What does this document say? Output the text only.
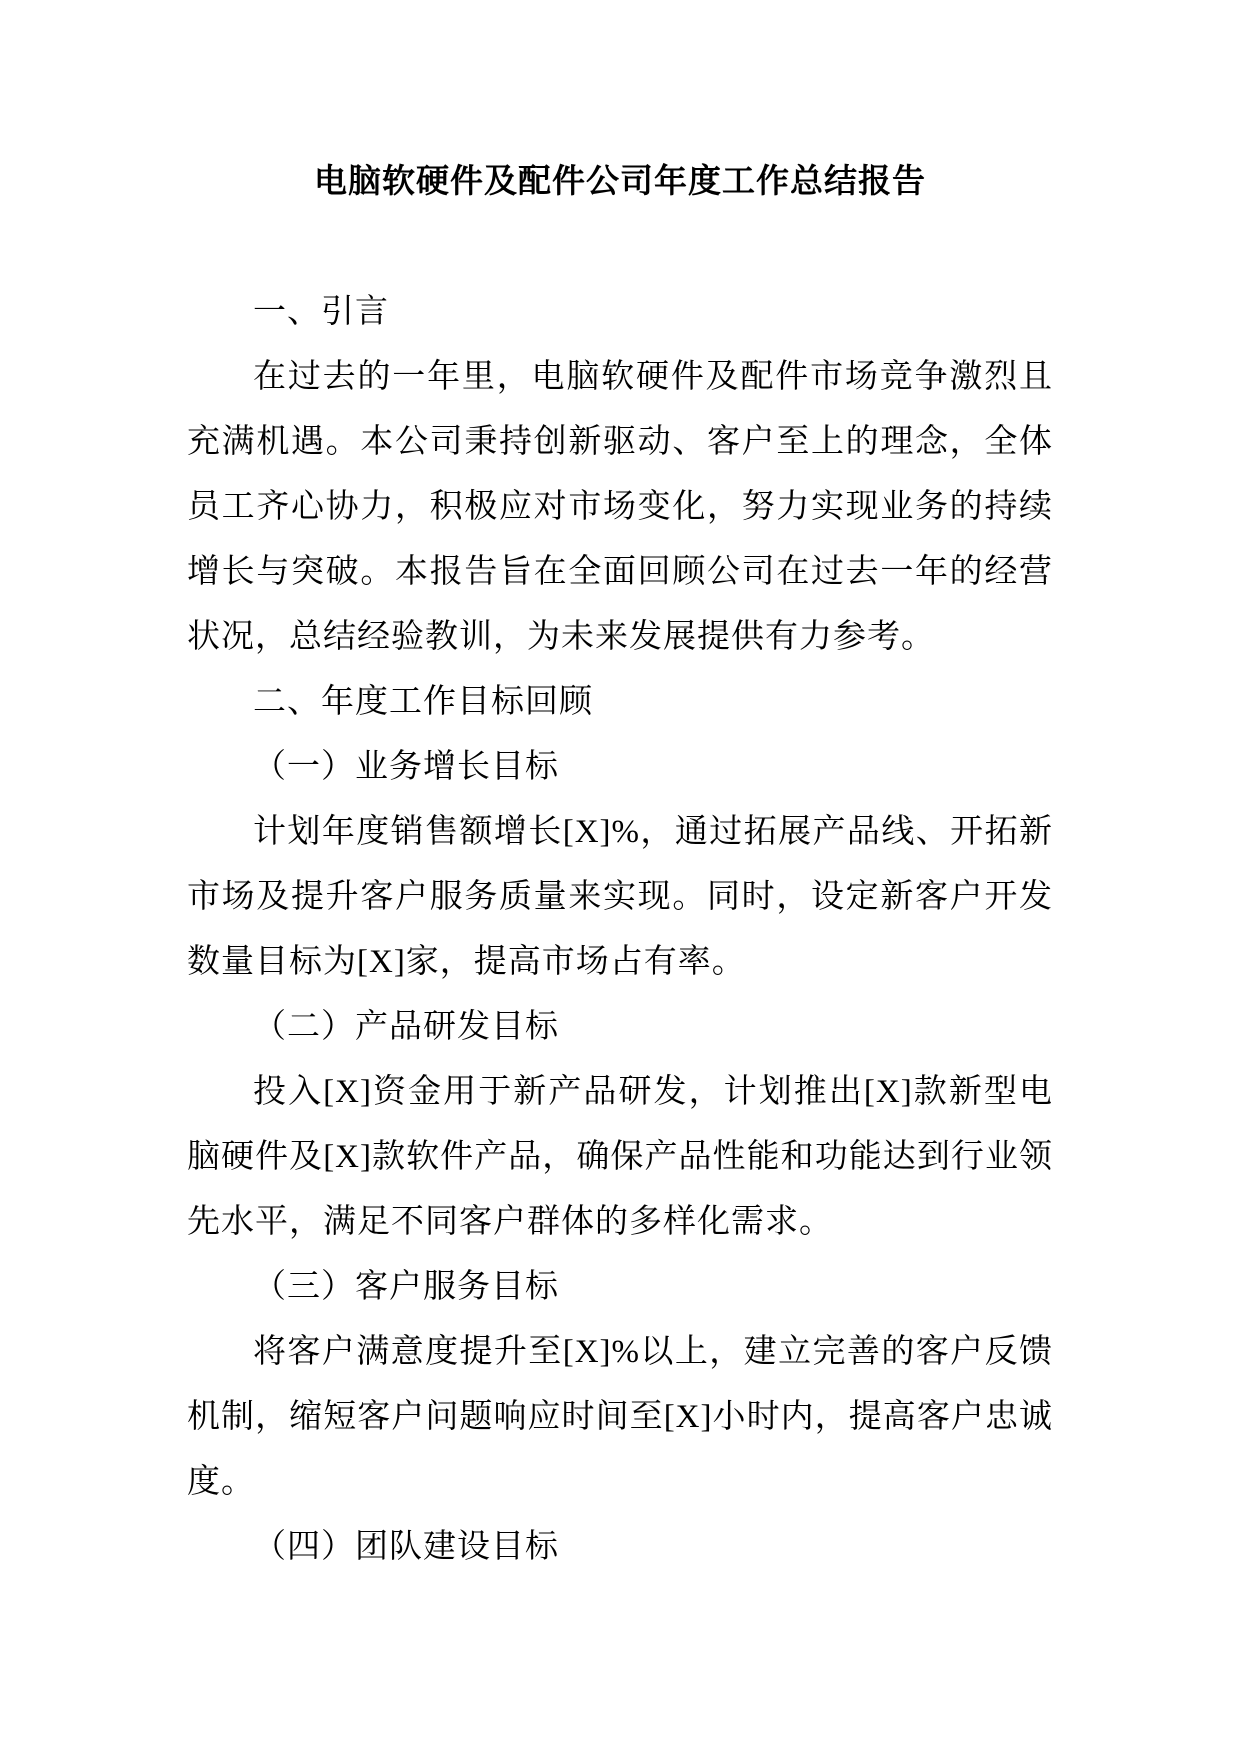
电脑软硬件及配件公司年度工作总结报告

一、引言

在过去的一年里，电脑软硬件及配件市场竞争激烈且充满机遇。本公司秉持创新驱动、客户至上的理念，全体员工齐心协力，积极应对市场变化，努力实现业务的持续增长与突破。本报告旨在全面回顾公司在过去一年的经营状况，总结经验教训，为未来发展提供有力参考。

二、年度工作目标回顾

（一）业务增长目标

计划年度销售额增长[X]%，通过拓展产品线、开拓新市场及提升客户服务质量来实现。同时，设定新客户开发数量目标为[X]家，提高市场占有率。

（二）产品研发目标

投入[X]资金用于新产品研发，计划推出[X]款新型电脑硬件及[X]款软件产品，确保产品性能和功能达到行业领先水平，满足不同客户群体的多样化需求。

（三）客户服务目标

将客户满意度提升至[X]%以上，建立完善的客户反馈机制，缩短客户问题响应时间至[X]小时内，提高客户忠诚度。

（四）团队建设目标
